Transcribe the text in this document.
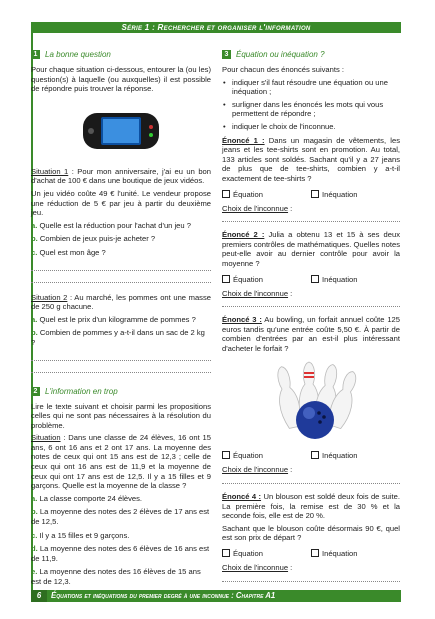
Série 1 : Rechercher et organiser l'information
1 La bonne question

Pour chaque situation ci-dessous, entourer la (ou les) question(s) à laquelle (ou auxquelles) il est possible de répondre puis trouver la réponse.

Situation 1 : Pour mon anniversaire, j'ai eu un bon d'achat de 100 € dans une boutique de jeux vidéos.

Un jeu vidéo coûte 49 € l'unité. Le vendeur propose une réduction de 5 € par jeu à partir du deuxième jeu.

a. Quelle est la réduction pour l'achat d'un jeu ?
b. Combien de jeux puis-je acheter ?
c. Quel est mon âge ?

Situation 2 : Au marché, les pommes ont une masse de 250 g chacune.

a. Quel est le prix d'un kilogramme de pommes ?
b. Combien de pommes y a-t-il dans un sac de 2 kg ?
2 L'information en trop

Lire le texte suivant et choisir parmi les propositions celles qui ne sont pas nécessaires à la résolution du problème.

Situation : Dans une classe de 24 élèves, 16 ont 15 ans, 6 ont 16 ans et 2 ont 17 ans. La moyenne des notes de ceux qui ont 15 ans est de 12,3 ; celle de ceux qui ont 16 ans est de 11,9 et la moyenne de ceux qui ont 17 ans est de 12,5. Il y a 15 filles et 9 garçons. Quelle est la moyenne de la classe ?

a. La classe comporte 24 élèves.
b. La moyenne des notes des 2 élèves de 17 ans est de 12,5.
c. Il y a 15 filles et 9 garçons.
d. La moyenne des notes des 6 élèves de 16 ans est de 11,9.
e. La moyenne des notes des 16 élèves de 15 ans est de 12,3.
3 Équation ou inéquation ?

Pour chacun des énoncés suivants :

• indiquer s'il faut résoudre une équation ou une inéquation ;
• surligner dans les énoncés les mots qui vous permettent de répondre ;
• indiquer le choix de l'inconnue.

Énoncé 1 : Dans un magasin de vêtements, les jeans et les tee-shirts sont en promotion. Au total, 133 articles sont soldés. Sachant qu'il y a 27 jeans de plus que de tee-shirts, combien y a-t-il exactement de tee-shirts ?

Équation	Inéquation
Choix de l'inconnue :

Énoncé 2 : Julia a obtenu 13 et 15 à ses deux premiers contrôles de mathématiques. Quelles notes peut-elle avoir au dernier contrôle pour avoir la moyenne ?

Équation	Inéquation
Choix de l'inconnue :

Énoncé 3 : Au bowling, un forfait annuel coûte 125 euros tandis qu'une entrée coûte 5,50 €. À partir de combien d'entrées par an est-il plus intéressant d'acheter le forfait ?

Équation	Inéquation
Choix de l'inconnue :

Énoncé 4 : Un blouson est soldé deux fois de suite. La première fois, la remise est de 30 % et la seconde fois, elle est de 20 %.

Sachant que le blouson coûte désormais 90 €, quel est son prix de départ ?

Équation	Inéquation
Choix de l'inconnue :
6 Équations et inéquations du premier degré à une inconnue : Chapitre A1
